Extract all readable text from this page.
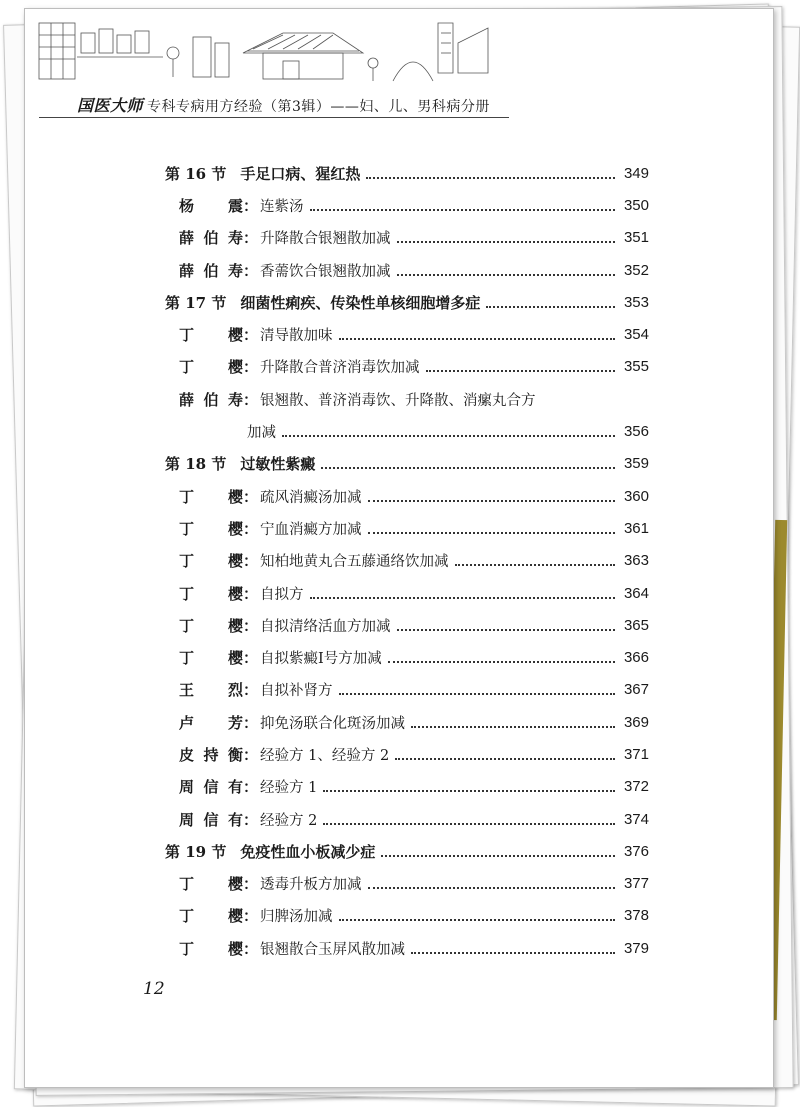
国医大师 专科专病用方经验（第3辑）——妇、儿、男科病分册
第 16 节 手足口病、猩红热	349
杨 震 ： 连紫汤	350
薛伯寿 ： 升降散合银翘散加减	351
薛伯寿 ： 香薷饮合银翘散加减	352
第 17 节 细菌性痢疾、传染性单核细胞增多症	353
丁 樱 ： 清导散加味	354
丁 樱 ： 升降散合普济消毒饮加减	355
薛伯寿 ： 银翘散、普济消毒饮、升降散、消瘰丸合方
加减	356
第 18 节 过敏性紫癜	359
丁 樱 ： 疏风消癜汤加减	360
丁 樱 ： 宁血消癜方加减	361
丁 樱 ： 知柏地黄丸合五藤通络饮加减	363
丁 樱 ： 自拟方	364
丁 樱 ： 自拟清络活血方加减	365
丁 樱 ： 自拟紫癜Ⅰ号方加减	366
王 烈 ： 自拟补肾方	367
卢 芳 ： 抑免汤联合化斑汤加减	369
皮持衡 ： 经验方 1、经验方 2	371
周信有 ： 经验方 1	372
周信有 ： 经验方 2	374
第 19 节 免疫性血小板减少症	376
丁 樱 ： 透毒升板方加减	377
丁 樱 ： 归脾汤加减	378
丁 樱 ： 银翘散合玉屏风散加减	379
12
